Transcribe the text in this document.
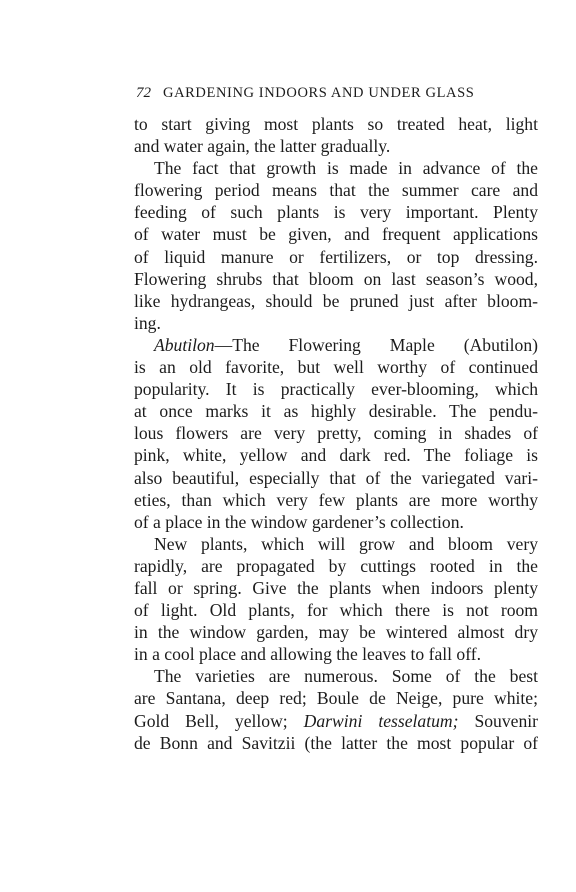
72 GARDENING INDOORS AND UNDER GLASS
to start giving most plants so treated heat, light
and water again, the latter gradually.
The fact that growth is made in advance of the
flowering period means that the summer care and
feeding of such plants is very important. Plenty
of water must be given, and frequent applications
of liquid manure or fertilizers, or top dressing.
Flowering shrubs that bloom on last season’s wood,
like hydrangeas, should be pruned just after bloom-
ing.
Abutilon—The Flowering Maple (Abutilon)
is an old favorite, but well worthy of continued
popularity. It is practically ever-blooming, which
at once marks it as highly desirable. The pendu-
lous flowers are very pretty, coming in shades of
pink, white, yellow and dark red. The foliage is
also beautiful, especially that of the variegated vari-
eties, than which very few plants are more worthy
of a place in the window gardener’s collection.
New plants, which will grow and bloom very
rapidly, are propagated by cuttings rooted in the
fall or spring. Give the plants when indoors plenty
of light. Old plants, for which there is not room
in the window garden, may be wintered almost dry
in a cool place and allowing the leaves to fall off.
The varieties are numerous. Some of the best
are Santana, deep red; Boule de Neige, pure white;
Gold Bell, yellow; Darwini tesselatum; Souvenir
de Bonn and Savitzii (the latter the most popular of
